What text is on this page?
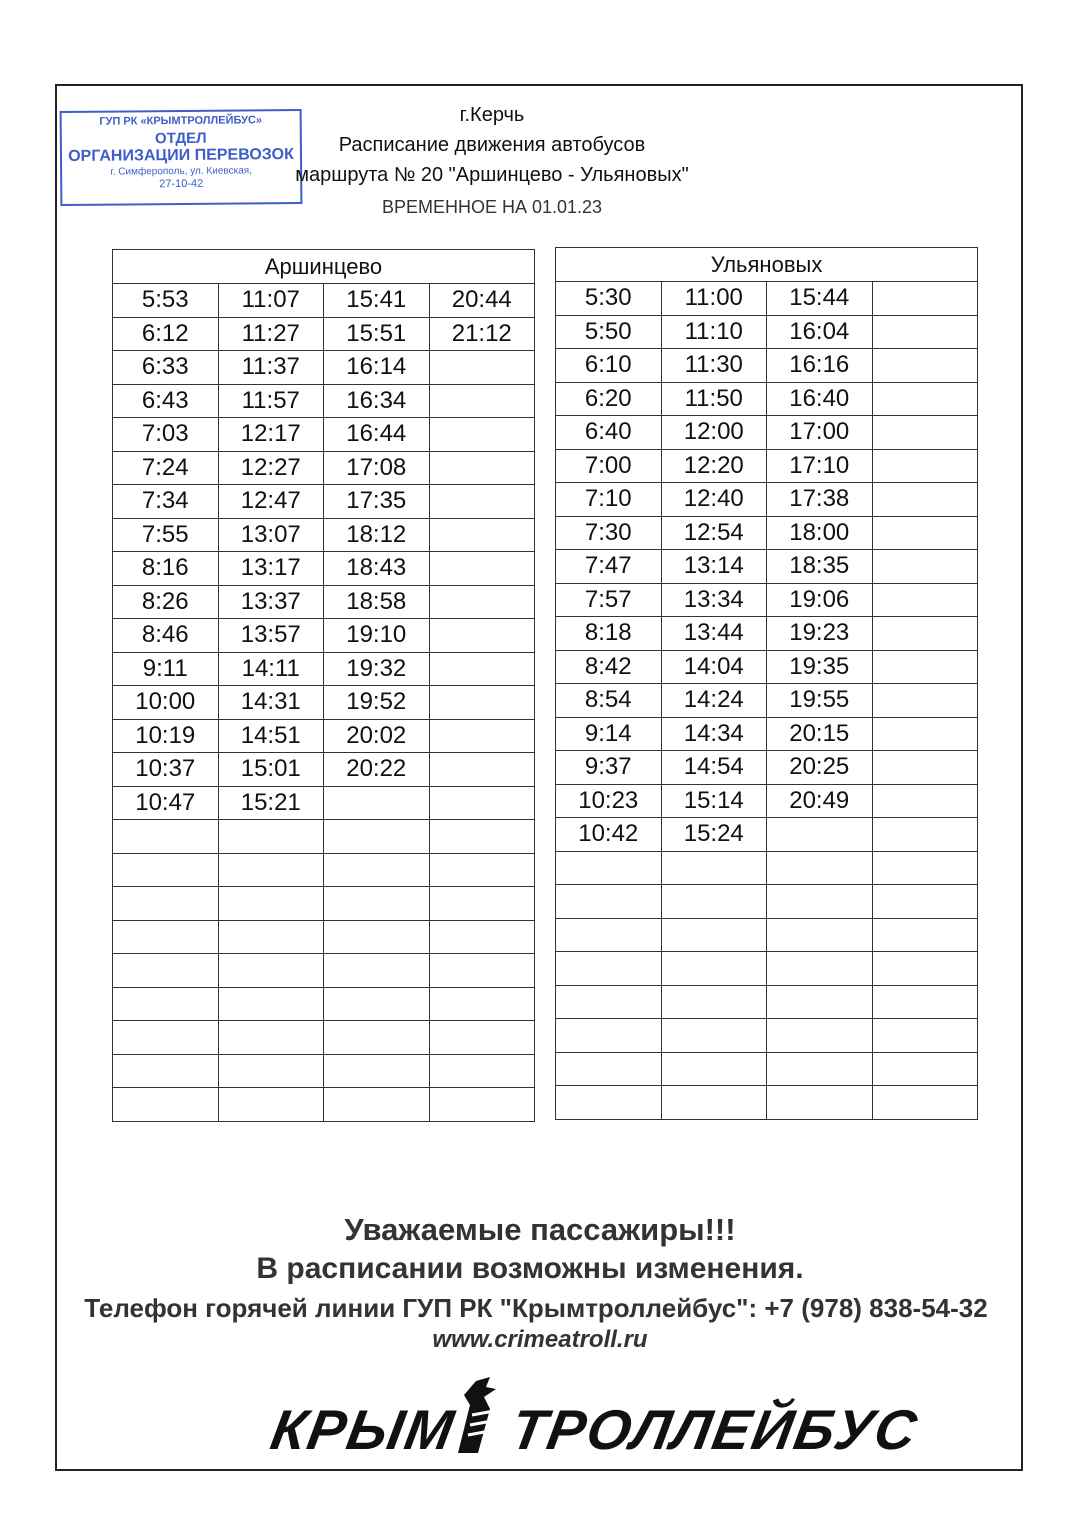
ГУП РК «КРЫМТРОЛЛЕЙБУС»
ОТДЕЛ
ОРГАНИЗАЦИИ ПЕРЕВОЗОК
г. Симферополь, ул. Киевская,
27-10-42
г.Керчь
Расписание движения автобусов
маршрута № 20 "Аршинцево - Ульяновых"
ВРЕМЕННОЕ НА 01.01.23
Аршинцево			
5:53	11:07	15:41	20:44
6:12	11:27	15:51	21:12
6:33	11:37	16:14	
6:43	11:57	16:34	
7:03	12:17	16:44	
7:24	12:27	17:08	
7:34	12:47	17:35	
7:55	13:07	18:12	
8:16	13:17	18:43	
8:26	13:37	18:58	
8:46	13:57	19:10	
9:11	14:11	19:32	
10:00	14:31	19:52	
10:19	14:51	20:02	
10:37	15:01	20:22	
10:47	15:21		

Ульяновых			
5:30	11:00	15:44	
5:50	11:10	16:04	
6:10	11:30	16:16	
6:20	11:50	16:40	
6:40	12:00	17:00	
7:00	12:20	17:10	
7:10	12:40	17:38	
7:30	12:54	18:00	
7:47	13:14	18:35	
7:57	13:34	19:06	
8:18	13:44	19:23	
8:42	14:04	19:35	
8:54	14:24	19:55	
9:14	14:34	20:15	
9:37	14:54	20:25	
10:23	15:14	20:49	
10:42	15:24		

Уважаемые пассажиры!!!
В расписании возможны изменения.
Телефон горячей линии ГУП РК "Крымтроллейбус": +7 (978) 838-54-32
www.crimeatroll.ru
КРЫМ ТРОЛЛЕЙБУС
